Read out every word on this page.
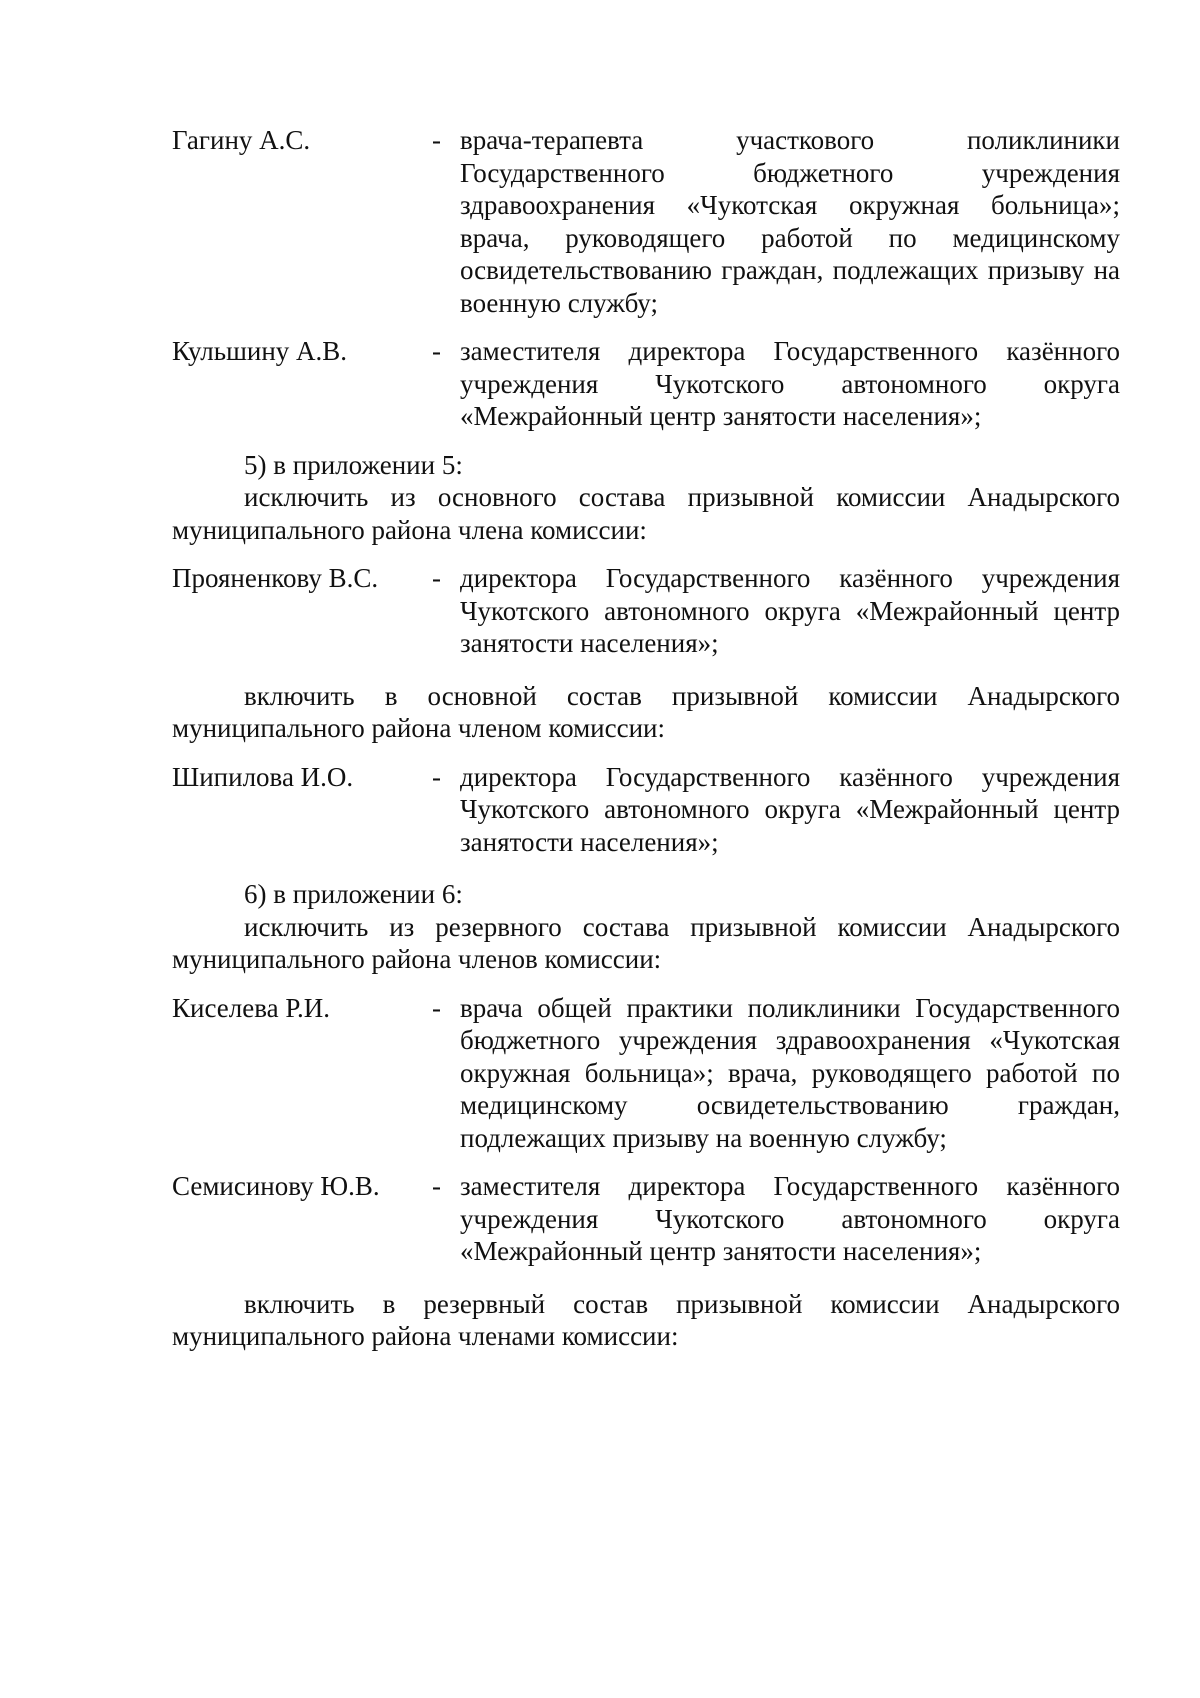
Гагину А.С.	- врача-терапевта участкового поликлиники Государственного бюджетного учреждения здравоохранения «Чукотская окружная больница»; врача, руководящего работой по медицинскому освидетельствованию граждан, подлежащих призыву на военную службу;
Кульшину А.В.	- заместителя директора Государственного казённого учреждения Чукотского автономного округа «Межрайонный центр занятости населения»;
5) в приложении 5:
исключить из основного состава призывной комиссии Анадырского муниципального района члена комиссии:
Прояненкову В.С.	- директора Государственного казённого учреждения Чукотского автономного округа «Межрайонный центр занятости населения»;
включить в основной состав призывной комиссии Анадырского муниципального района членом комиссии:
Шипилова И.О.	- директора Государственного казённого учреждения Чукотского автономного округа «Межрайонный центр занятости населения»;
6) в приложении 6:
исключить из резервного состава призывной комиссии Анадырского муниципального района членов комиссии:
Киселева Р.И.	- врача общей практики поликлиники Государственного бюджетного учреждения здравоохранения «Чукотская окружная больница»; врача, руководящего работой по медицинскому освидетельствованию граждан, подлежащих призыву на военную службу;
Семисинову Ю.В.	- заместителя директора Государственного казённого учреждения Чукотского автономного округа «Межрайонный центр занятости населения»;
включить в резервный состав призывной комиссии Анадырского муниципального района членами комиссии:
